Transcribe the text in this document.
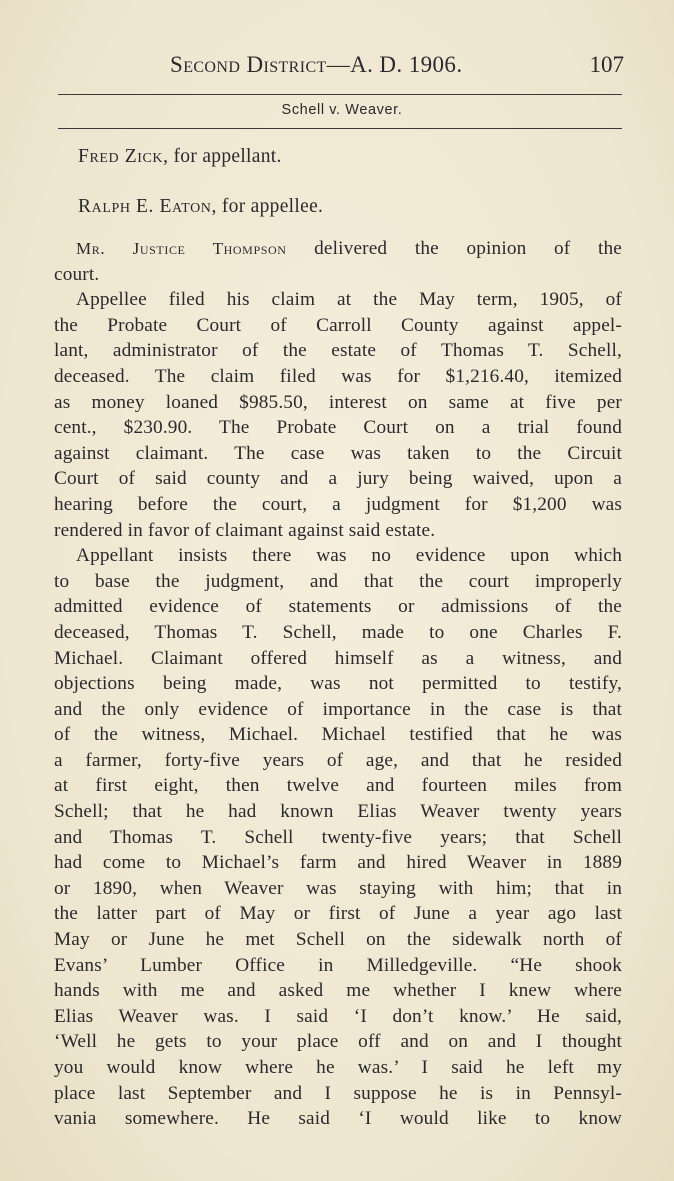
Second District—A. D. 1906.	107
Schell v. Weaver.
Fred Zick, for appellant.
Ralph E. Eaton, for appellee.
Mr. Justice Thompson delivered the opinion of the
court.
Appellee filed his claim at the May term, 1905, of
the Probate Court of Carroll County against appel-
lant, administrator of the estate of Thomas T. Schell,
deceased. The claim filed was for $1,216.40, itemized
as money loaned $985.50, interest on same at five per
cent., $230.90. The Probate Court on a trial found
against claimant. The case was taken to the Circuit
Court of said county and a jury being waived, upon a
hearing before the court, a judgment for $1,200 was
rendered in favor of claimant against said estate.
Appellant insists there was no evidence upon which
to base the judgment, and that the court improperly
admitted evidence of statements or admissions of the
deceased, Thomas T. Schell, made to one Charles F.
Michael. Claimant offered himself as a witness, and
objections being made, was not permitted to testify,
and the only evidence of importance in the case is that
of the witness, Michael. Michael testified that he was
a farmer, forty-five years of age, and that he resided
at first eight, then twelve and fourteen miles from
Schell; that he had known Elias Weaver twenty years
and Thomas T. Schell twenty-five years; that Schell
had come to Michael’s farm and hired Weaver in 1889
or 1890, when Weaver was staying with him; that in
the latter part of May or first of June a year ago last
May or June he met Schell on the sidewalk north of
Evans’ Lumber Office in Milledgeville. “He shook
hands with me and asked me whether I knew where
Elias Weaver was. I said ‘I don’t know.’ He said,
‘Well he gets to your place off and on and I thought
you would know where he was.’ I said he left my
place last September and I suppose he is in Pennsyl-
vania somewhere. He said ‘I would like to know
